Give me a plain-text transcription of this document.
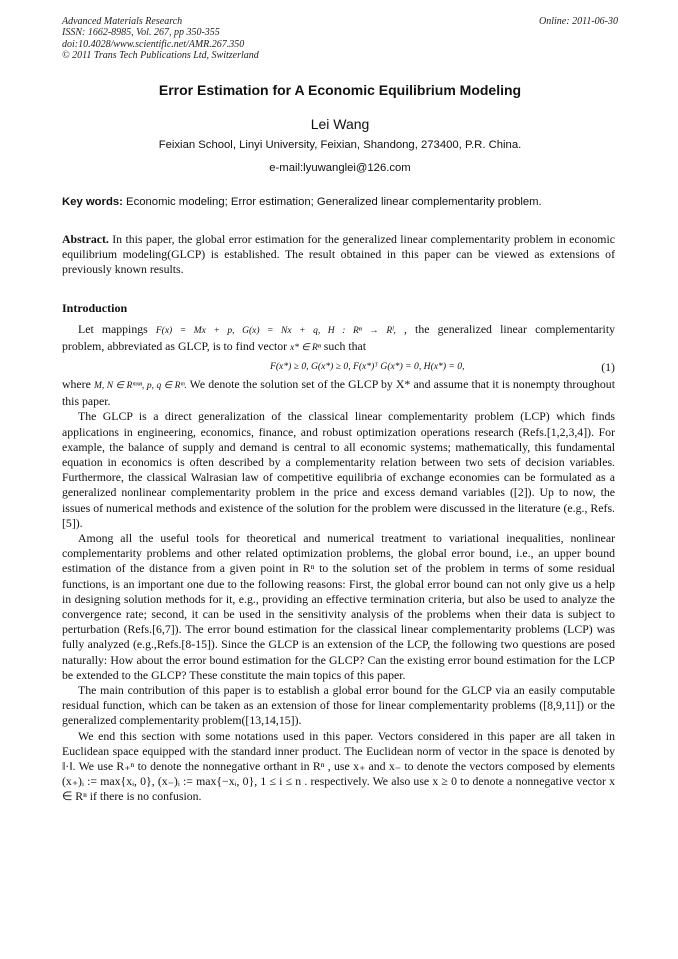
Advanced Materials Research
ISSN: 1662-8985, Vol. 267, pp 350-355
doi:10.4028/www.scientific.net/AMR.267.350
© 2011 Trans Tech Publications Ltd, Switzerland
Online: 2011-06-30
Error Estimation for A Economic Equilibrium Modeling
Lei Wang
Feixian School, Linyi University, Feixian, Shandong, 273400, P.R. China.
e-mail:lyuwanglei@126.com
Key words: Economic modeling; Error estimation; Generalized linear complementarity problem.
Abstract. In this paper, the global error estimation for the generalized linear complementarity problem in economic equilibrium modeling(GLCP) is established. The result obtained in this paper can be viewed as extensions of previously known results.
Introduction
Let mappings F(x) = Mx + p, G(x) = Nx + q, H : Rⁿ → Rˡ, , the generalized linear complementarity
problem, abbreviated as GLCP, is to find vector x* ∈ Rⁿ such that
F(x*) ≥ 0, G(x*) ≥ 0, F(x*)ᵀ G(x*) = 0, H(x*) = 0,	(1)

where M, N ∈ Rᵐˣⁿ, p, q ∈ Rᵐ. We denote the solution set of the GLCP by X* and assume that it is nonempty throughout this paper.

The GLCP is a direct generalization of the classical linear complementarity problem (LCP) which finds applications in engineering, economics, finance, and robust optimization operations research (Refs.[1,2,3,4]). For example, the balance of supply and demand is central to all economic systems; mathematically, this fundamental equation in economics is often described by a complementarity relation between two sets of decision variables. Furthermore, the classical Walrasian law of competitive equilibria of exchange economies can be formulated as a generalized nonlinear complementarity problem in the price and excess demand variables ([2]). Up to now, the issues of numerical methods and existence of the solution for the problem were discussed in the literature (e.g., Refs. [5]).

Among all the useful tools for theoretical and numerical treatment to variational inequalities, nonlinear complementarity problems and other related optimization problems, the global error bound, i.e., an upper bound estimation of the distance from a given point in Rⁿ to the solution set of the problem in terms of some residual functions, is an important one due to the following reasons: First, the global error bound can not only give us a help in designing solution methods for it, e.g., providing an effective termination criteria, but also be used to analyze the convergence rate; second, it can be used in the sensitivity analysis of the problems when their data is subject to perturbation (Refs.[6,7]). The error bound estimation for the classical linear complementarity problems (LCP) was fully analyzed (e.g.,Refs.[8-15]). Since the GLCP is an extension of the LCP, the following two questions are posed naturally: How about the error bound estimation for the GLCP? Can the existing error bound estimation for the LCP be extended to the GLCP? These constitute the main topics of this paper.

The main contribution of this paper is to establish a global error bound for the GLCP via an easily computable residual function, which can be taken as an extension of those for linear complementarity problems ([8,9,11]) or the generalized complementarity problem([13,14,15]).

We end this section with some notations used in this paper. Vectors considered in this paper are all taken in Euclidean space equipped with the standard inner product. The Euclidean norm of vector in the space is denoted by ‖·‖. We use R₊ⁿ to denote the nonnegative orthant in Rⁿ , use x₊ and x₋ to denote the vectors composed by elements (x₊)ᵢ := max{xᵢ, 0}, (x₋)ᵢ := max{−xᵢ, 0}, 1 ≤ i ≤ n . respectively. We also use x ≥ 0 to denote a nonnegative vector x ∈ Rⁿ if there is no confusion.
